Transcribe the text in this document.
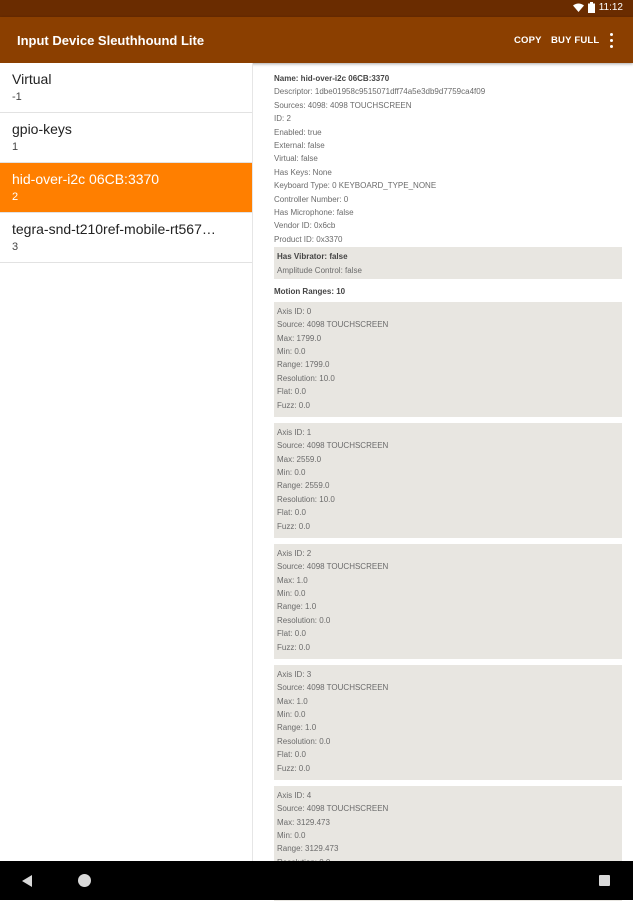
11:12
Input Device Sleuthhound Lite	COPY BUY FULL
Virtual
-1
gpio-keys
1
hid-over-i2c 06CB:3370
2
tegra-snd-t210ref-mobile-rt567…
3
Name: hid-over-i2c 06CB:3370
Descriptor: 1dbe01958c9515071dff74a5e3db9d7759ca4f09
Sources: 4098: 4098 TOUCHSCREEN
ID: 2
Enabled: true
External: false
Virtual: false
Has Keys: None
Keyboard Type: 0 KEYBOARD_TYPE_NONE
Controller Number: 0
Has Microphone: false
Vendor ID: 0x6cb
Product ID: 0x3370
Has Vibrator: false
Amplitude Control: false
Motion Ranges: 10
Axis ID: 0
Source: 4098 TOUCHSCREEN
Max: 1799.0
Min: 0.0
Range: 1799.0
Resolution: 10.0
Flat: 0.0
Fuzz: 0.0
Axis ID: 1
Source: 4098 TOUCHSCREEN
Max: 2559.0
Min: 0.0
Range: 2559.0
Resolution: 10.0
Flat: 0.0
Fuzz: 0.0
Axis ID: 2
Source: 4098 TOUCHSCREEN
Max: 1.0
Min: 0.0
Range: 1.0
Resolution: 0.0
Flat: 0.0
Fuzz: 0.0
Axis ID: 3
Source: 4098 TOUCHSCREEN
Max: 1.0
Min: 0.0
Range: 1.0
Resolution: 0.0
Flat: 0.0
Fuzz: 0.0
Axis ID: 4
Source: 4098 TOUCHSCREEN
Max: 3129.473
Min: 0.0
Range: 3129.473
